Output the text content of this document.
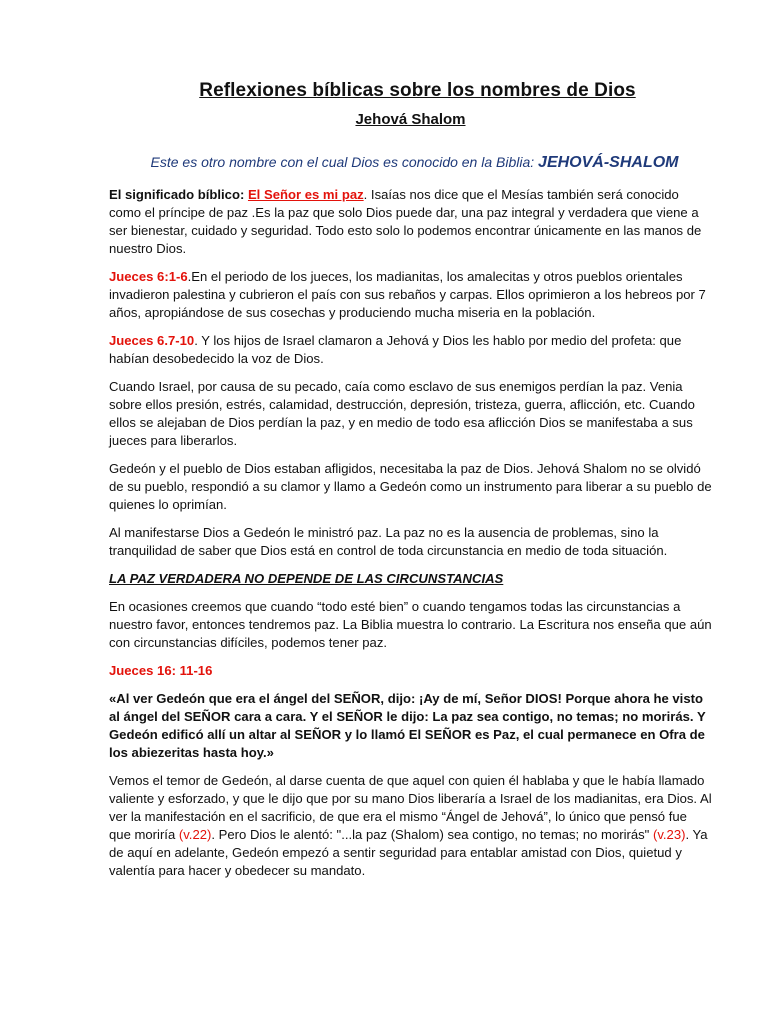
Reflexiones bíblicas sobre los nombres de Dios
Jehová Shalom
Este es otro nombre con el cual Dios es conocido en la Biblia: JEHOVÁ-SHALOM

El significado bíblico: El Señor es mi paz. Isaías nos dice que el Mesías también será conocido como el príncipe de paz .Es la paz que solo Dios puede dar, una paz integral y verdadera que viene a ser bienestar, cuidado y seguridad. Todo esto solo lo podemos encontrar únicamente en las manos de nuestro Dios.

Jueces 6:1-6.En el periodo de los jueces, los madianitas, los amalecitas y otros pueblos orientales invadieron palestina y cubrieron el país con sus rebaños y carpas. Ellos oprimieron a los hebreos por 7 años, apropiándose de sus cosechas y produciendo mucha miseria en la población.

Jueces 6.7-10. Y los hijos de Israel clamaron a Jehová y Dios les hablo por medio del profeta: que habían desobedecido la voz de Dios.

Cuando Israel, por causa de su pecado, caía como esclavo de sus enemigos perdían la paz. Venia sobre ellos presión, estrés, calamidad, destrucción, depresión, tristeza, guerra, aflicción, etc. Cuando ellos se alejaban de Dios perdían la paz, y en medio de todo esa aflicción Dios se manifestaba a sus jueces para liberarlos.

Gedeón y el pueblo de Dios estaban afligidos, necesitaba la paz de Dios. Jehová Shalom no se olvidó de su pueblo, respondió a su clamor y llamo a Gedeón como un instrumento para liberar a su pueblo de quienes lo oprimían.

Al manifestarse Dios a Gedeón le ministró paz. La paz no es la ausencia de problemas, sino la tranquilidad de saber que Dios está en control de toda circunstancia en medio de toda situación.

LA PAZ VERDADERA NO DEPENDE DE LAS CIRCUNSTANCIAS

En ocasiones creemos que cuando “todo esté bien” o cuando tengamos todas las circunstancias a nuestro favor, entonces tendremos paz. La Biblia muestra lo contrario. La Escritura nos enseña que aún con circunstancias difíciles, podemos tener paz.

Jueces 16: 11-16

«Al ver Gedeón que era el ángel del SEÑOR, dijo: ¡Ay de mí, Señor DIOS! Porque ahora he visto al ángel del SEÑOR cara a cara. Y el SEÑOR le dijo: La paz sea contigo, no temas; no morirás. Y Gedeón edificó allí un altar al SEÑOR y lo llamó El SEÑOR es Paz, el cual permanece en Ofra de los abiezeritas hasta hoy.»

Vemos el temor de Gedeón, al darse cuenta de que aquel con quien él hablaba y que le había llamado valiente y esforzado, y que le dijo que por su mano Dios liberaría a Israel de los madianitas, era Dios. Al ver la manifestación en el sacrificio, de que era el mismo “Ángel de Jehová”, lo único que pensó fue que moriría (v.22). Pero Dios le alentó: "...la paz (Shalom) sea contigo, no temas; no morirás" (v.23). Ya de aquí en adelante, Gedeón empezó a sentir seguridad para entablar amistad con Dios, quietud y valentía para hacer y obedecer su mandato.
